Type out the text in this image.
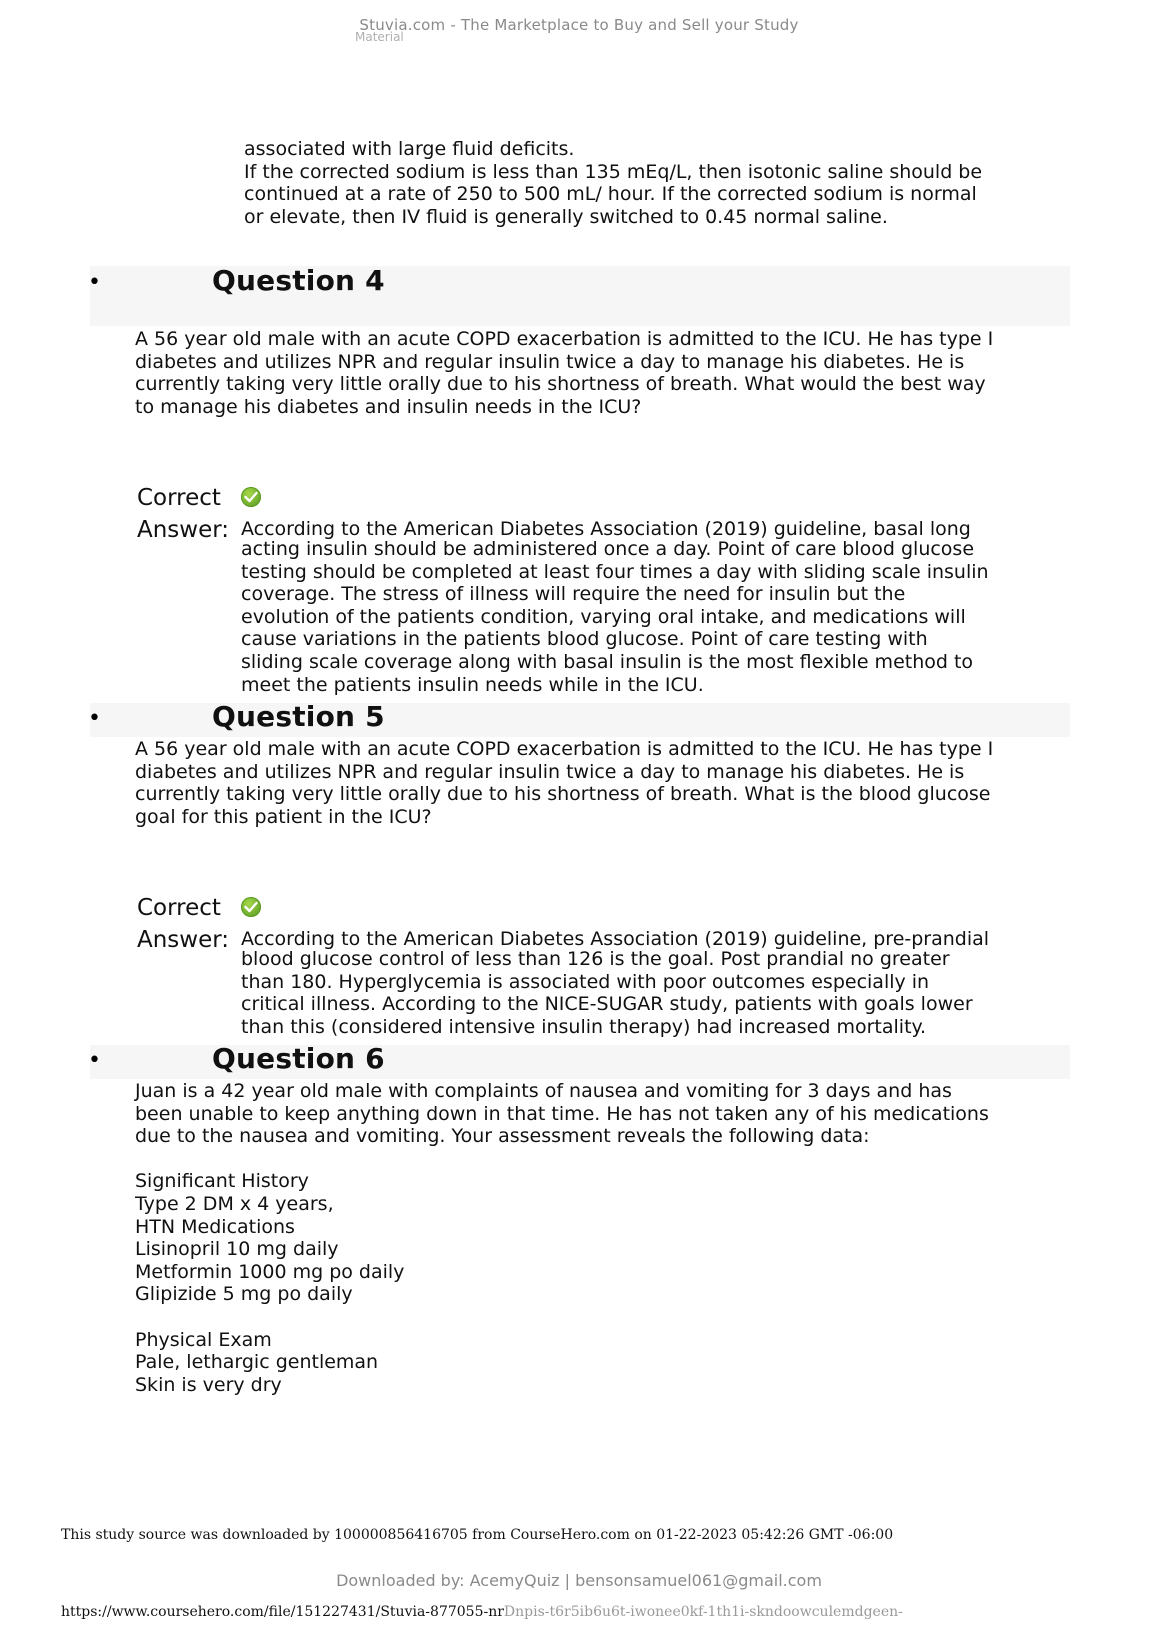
Stuvia.com - The Marketplace to Buy and Sell your Study
Material
associated with large fluid deficits.
If the corrected sodium is less than 135 mEq/L, then isotonic saline should be
continued at a rate of 250 to 500 mL/ hour. If the corrected sodium is normal
or elevate, then IV fluid is generally switched to 0.45 normal saline.
•	Question 4
A 56 year old male with an acute COPD exacerbation is admitted to the ICU. He has type I
diabetes and utilizes NPR and regular insulin twice a day to manage his diabetes. He is
currently taking very little orally due to his shortness of breath. What would the best way
to manage his diabetes and insulin needs in the ICU?
Correct
Answer: According to the American Diabetes Association (2019) guideline, basal long
acting insulin should be administered once a day. Point of care blood glucose
testing should be completed at least four times a day with sliding scale insulin
coverage. The stress of illness will require the need for insulin but the
evolution of the patients condition, varying oral intake, and medications will
cause variations in the patients blood glucose. Point of care testing with
sliding scale coverage along with basal insulin is the most flexible method to
meet the patients insulin needs while in the ICU.
•	Question 5
A 56 year old male with an acute COPD exacerbation is admitted to the ICU. He has type I
diabetes and utilizes NPR and regular insulin twice a day to manage his diabetes. He is
currently taking very little orally due to his shortness of breath. What is the blood glucose
goal for this patient in the ICU?
Correct
Answer: According to the American Diabetes Association (2019) guideline, pre-prandial
blood glucose control of less than 126 is the goal. Post prandial no greater
than 180. Hyperglycemia is associated with poor outcomes especially in
critical illness. According to the NICE-SUGAR study, patients with goals lower
than this (considered intensive insulin therapy) had increased mortality.
•	Question 6
Juan is a 42 year old male with complaints of nausea and vomiting for 3 days and has
been unable to keep anything down in that time. He has not taken any of his medications
due to the nausea and vomiting. Your assessment reveals the following data:

Significant History
Type 2 DM x 4 years,
HTN Medications
Lisinopril 10 mg daily
Metformin 1000 mg po daily
Glipizide 5 mg po daily

Physical Exam
Pale, lethargic gentleman
Skin is very dry
This study source was downloaded by 100000856416705 from CourseHero.com on 01-22-2023 05:42:26 GMT -06:00
Downloaded by: AcemyQuiz | bensonsamuel061@gmail.com
https://www.coursehero.com/file/151227431/Stuvia-877055-nrDnpis-t6r5ib6u6t-iwonee0kf-1th1i-skndoowculemdgeen-
